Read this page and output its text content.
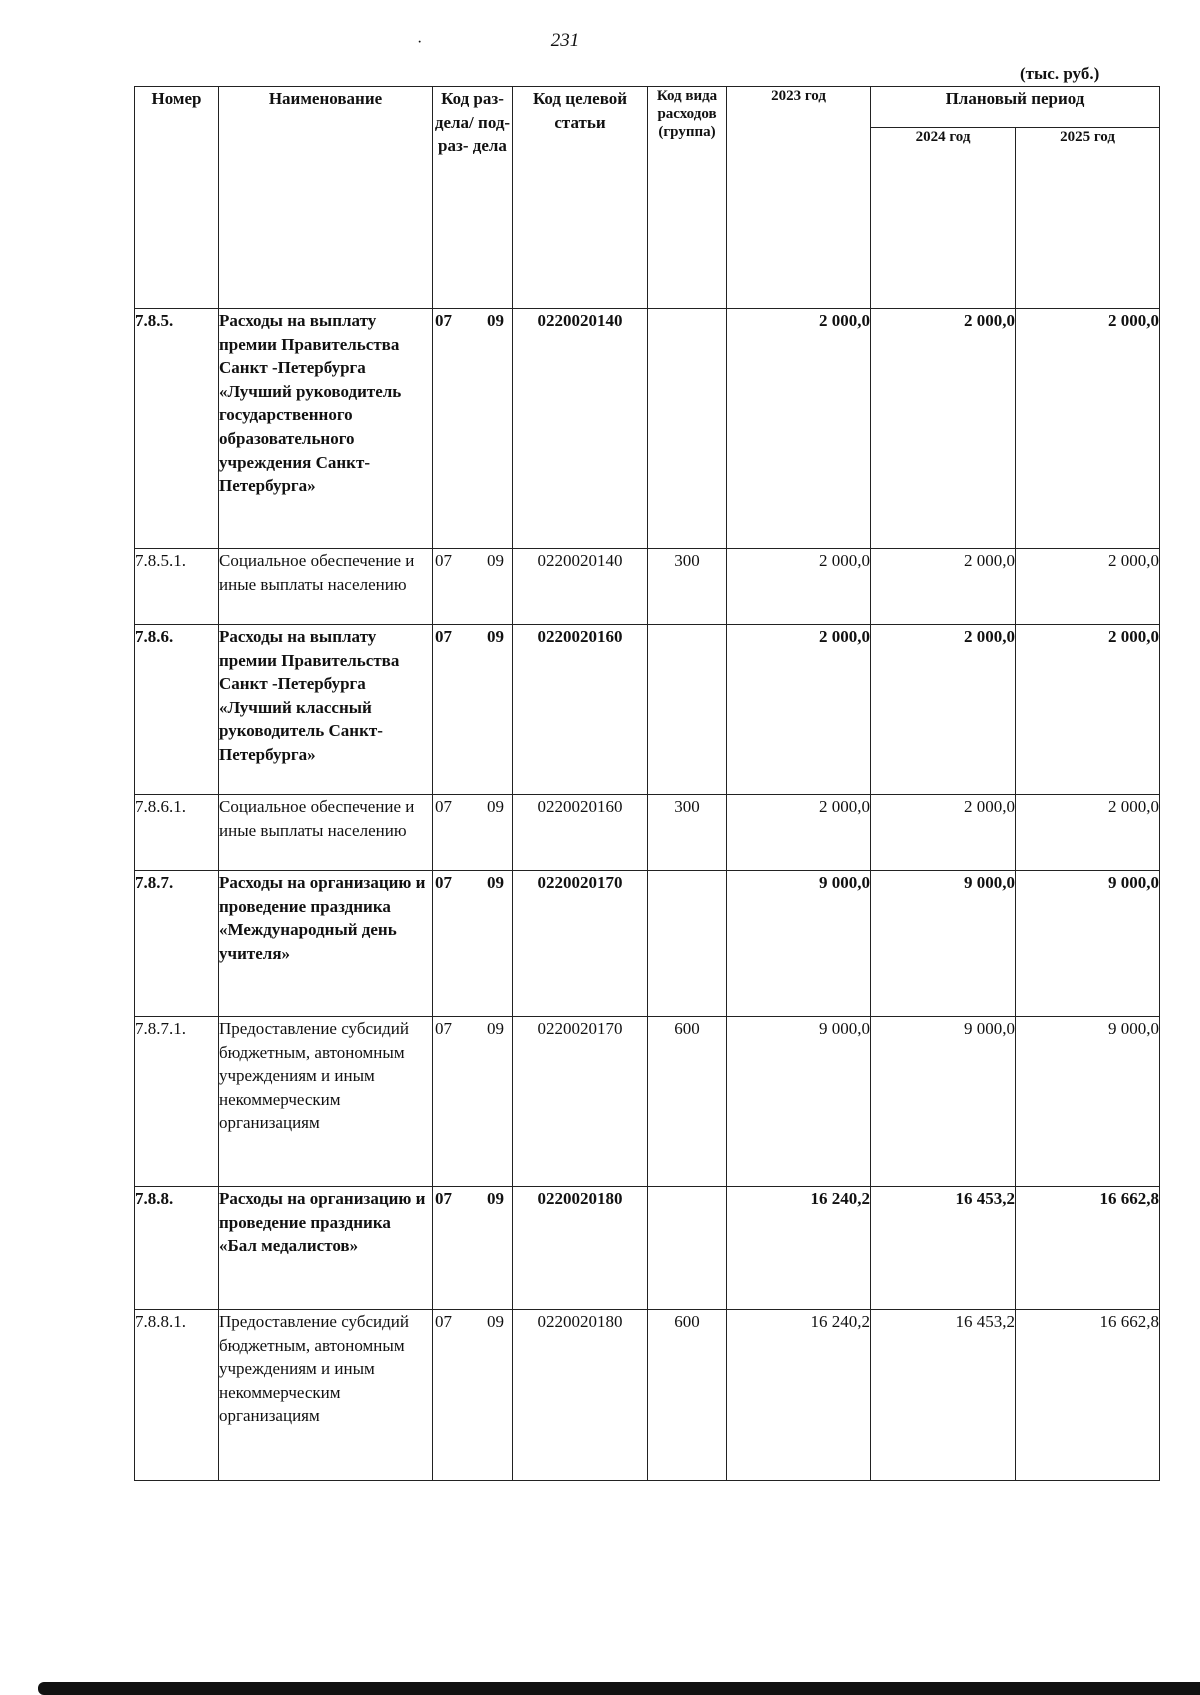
·	231
(тыс. руб.)
Номер	Наименование	Код раз- дела/ под- раз- дела	Код целевой статьи	Код вида расходов (группа)	2023 год	Плановый период	
						2024 год	2025 год
7.8.5.	Расходы на выплату премии Правительства Санкт -Петербурга «Лучший руководитель государственного образовательного учреждения Санкт-Петербурга»	07 09	0220020140		2 000,0	2 000,0	2 000,0
7.8.5.1.	Социальное обеспечение и иные выплаты населению	07 09	0220020140	300	2 000,0	2 000,0	2 000,0
7.8.6.	Расходы на выплату премии Правительства Санкт -Петербурга «Лучший классный руководитель Санкт-Петербурга»	07 09	0220020160		2 000,0	2 000,0	2 000,0
7.8.6.1.	Социальное обеспечение и иные выплаты населению	07 09	0220020160	300	2 000,0	2 000,0	2 000,0
7.8.7.	Расходы на организацию и проведение праздника «Международный день учителя»	07 09	0220020170		9 000,0	9 000,0	9 000,0
7.8.7.1.	Предоставление субсидий бюджетным, автономным учреждениям и иным некоммерческим организациям	07 09	0220020170	600	9 000,0	9 000,0	9 000,0
7.8.8.	Расходы на организацию и проведение праздника «Бал медалистов»	07 09	0220020180		16 240,2	16 453,2	16 662,8
7.8.8.1.	Предоставление субсидий бюджетным, автономным учреждениям и иным некоммерческим организациям	07 09	0220020180	600	16 240,2	16 453,2	16 662,8
